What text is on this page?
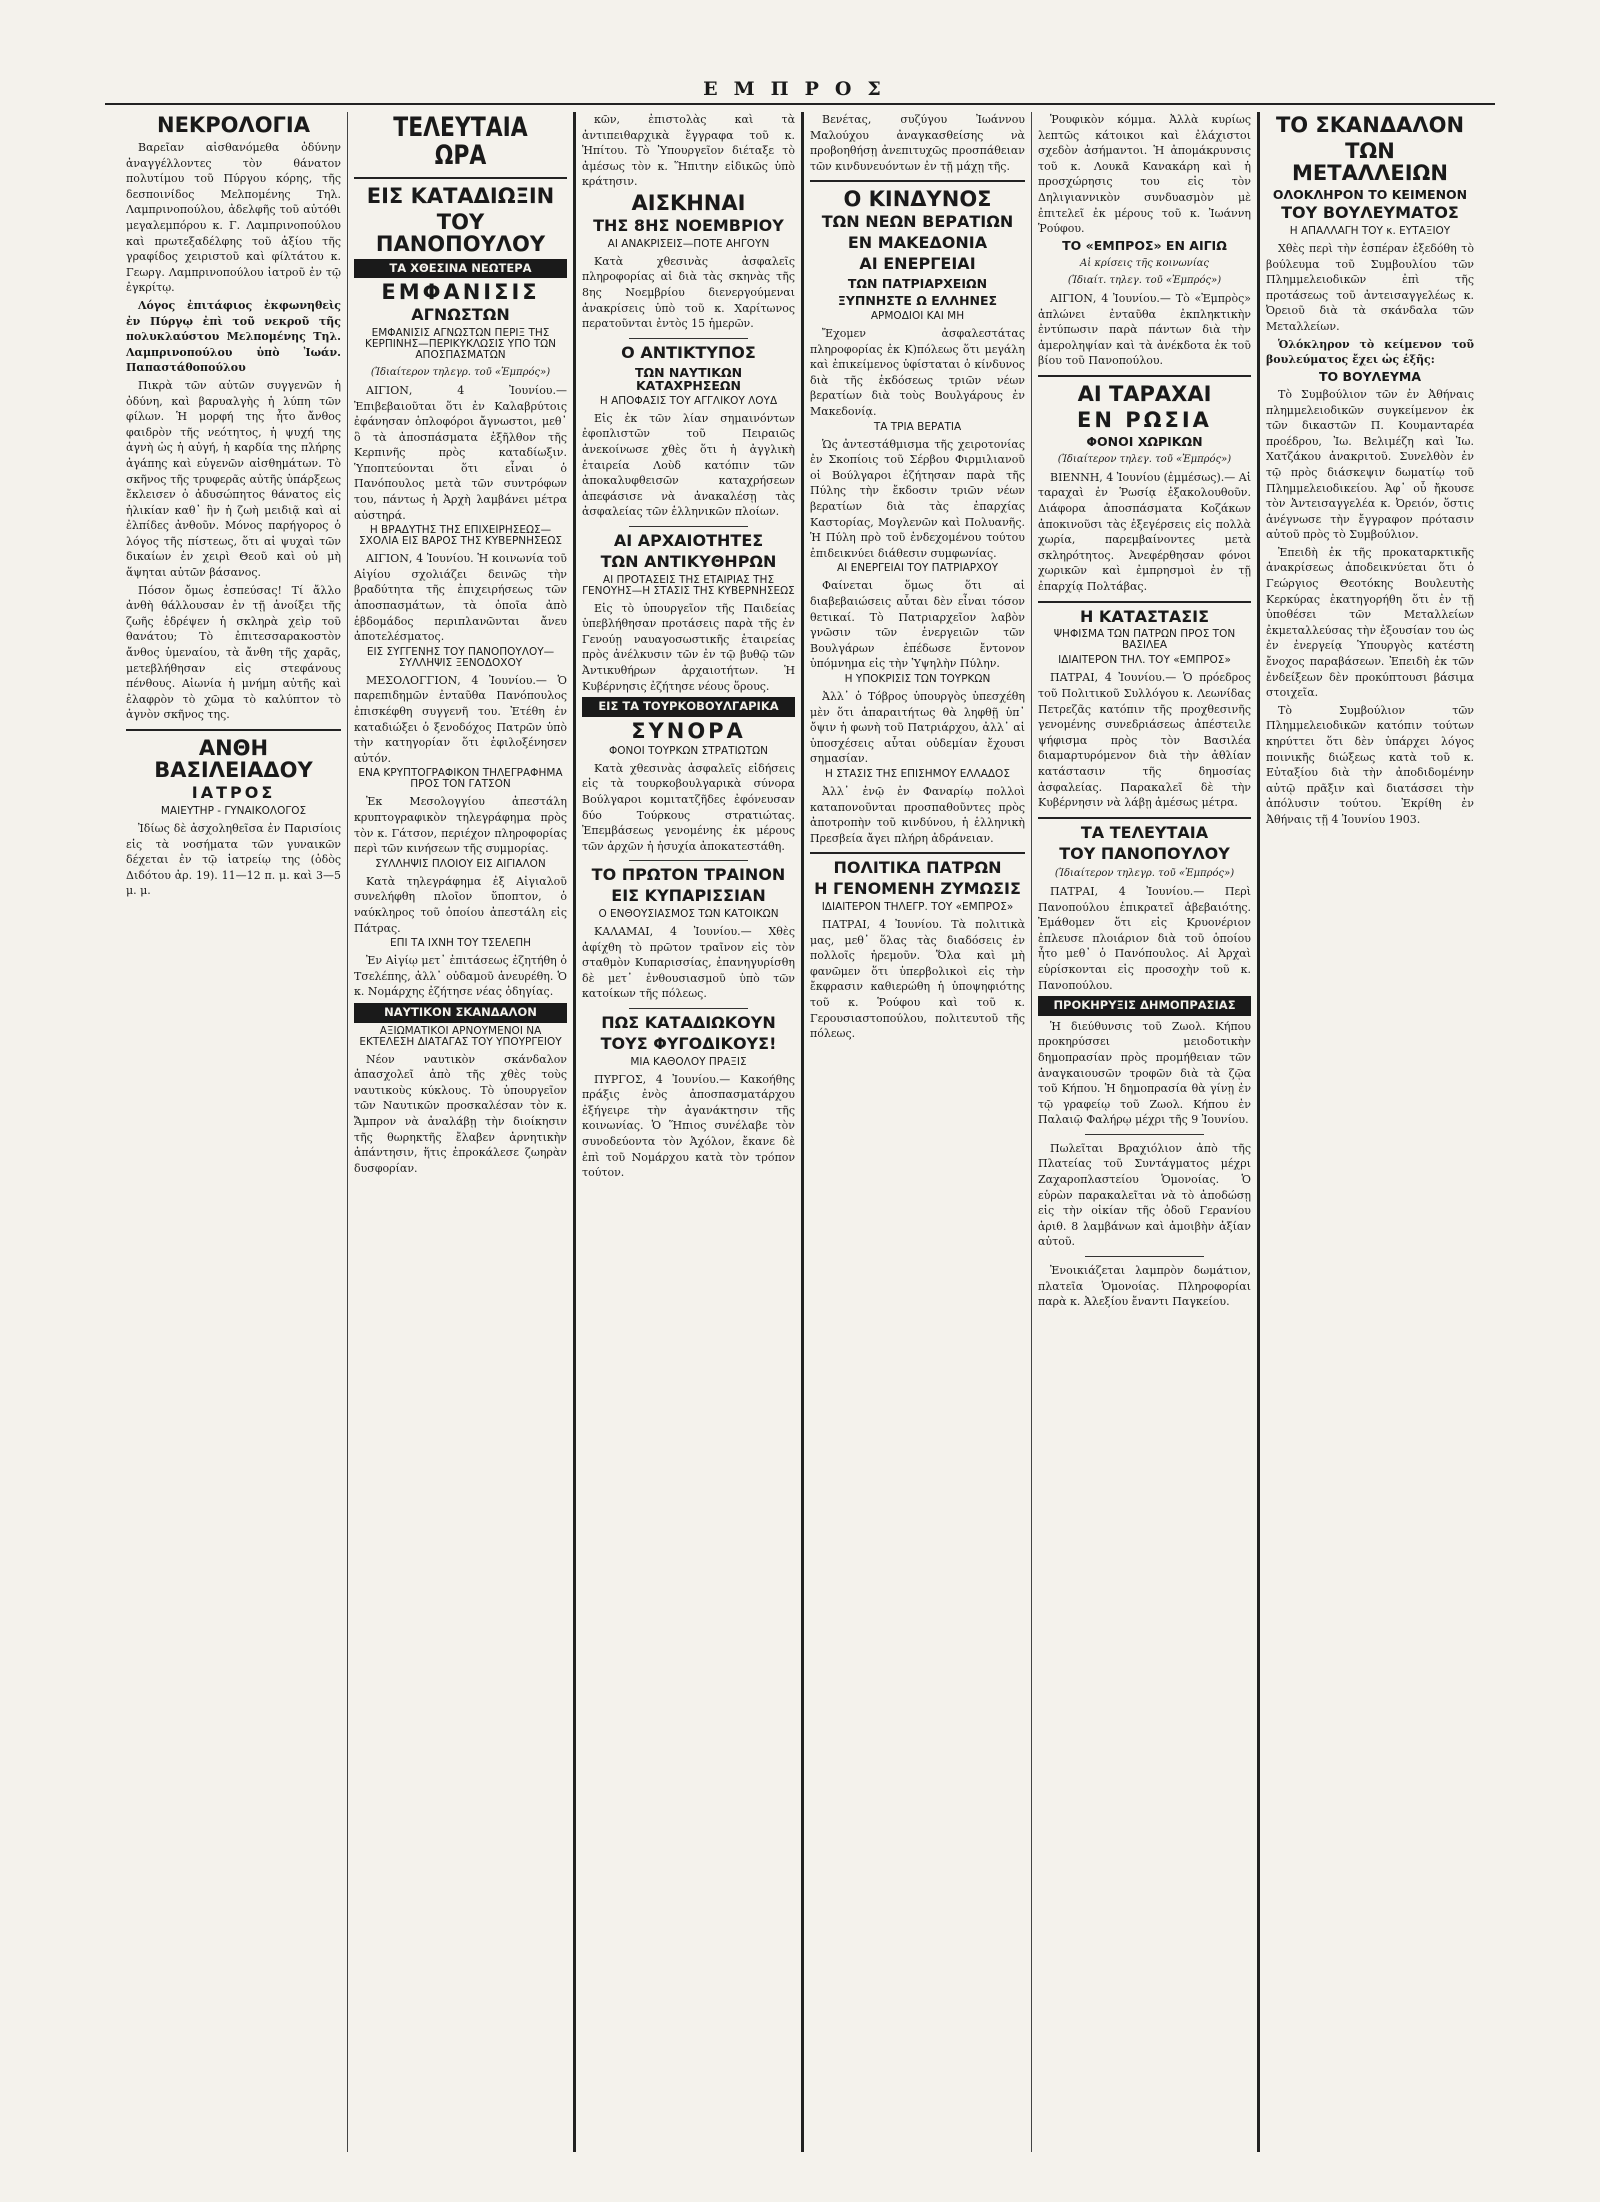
ΕΜΠΡΟΣ
ΝΕΚΡΟΛΟΓΙΑ

Βαρεῖαν αἰσθανόμεθα ὀδύνην ἀναγγέλλοντες τὸν θάνατον πολυτίμου τοῦ Πύργου κόρης, τῆς δεσποινίδος Μελπομένης Τηλ. Λαμπρινοπούλου, ἀδελφῆς τοῦ αὐτόθι μεγαλεμπόρου κ. Γ. Λαμπρινοπούλου καὶ πρωτεξαδέλφης τοῦ ἀξίου τῆς γραφίδος χειριστοῦ καὶ φίλτάτου κ. Γεωργ. Λαμπρινοπούλου ἰατροῦ ἐν τῷ ἐγκρίτῳ.

Λόγος ἐπιτάφιος ἐκφωνηθεὶς ἐν Πύργῳ ἐπὶ τοῦ νεκροῦ τῆς πολυκλαύστου Μελπομένης Τηλ. Λαμπρινοπούλου ὑπὸ Ἰωάν. Παπαστάθοπούλου

Πικρὰ τῶν αὐτῶν συγγενῶν ἡ ὀδύνη, καὶ βαρυαλγὴς ἡ λύπη τῶν φίλων. Ἡ μορφή της ἦτο ἄνθος φαιδρὸν τῆς νεότητος, ἡ ψυχή της ἁγνὴ ὡς ἡ αὐγή, ἡ καρδία της πλήρης ἀγάπης καὶ εὐγενῶν αἰσθημάτων. Τὸ σκῆνος τῆς τρυφερᾶς αὐτῆς ὑπάρξεως ἔκλεισεν ὁ ἀδυσώπητος θάνατος εἰς ἡλικίαν καθ᾽ ἣν ἡ ζωὴ μειδιᾷ καὶ αἱ ἐλπίδες ἀνθοῦν. Μόνος παρήγορος ὁ λόγος τῆς πίστεως, ὅτι αἱ ψυχαὶ τῶν δικαίων ἐν χειρὶ Θεοῦ καὶ οὐ μὴ ἅψηται αὐτῶν βάσανος.

Πόσον ὄμως ἐσπεύσας! Τί ἄλλο ἀνθὴ θάλλουσαν ἐν τῇ ἀνοίξει τῆς ζωῆς ἐδρέψεν ἡ σκληρὰ χεὶρ τοῦ θανάτου; Τὸ ἐπιτεσσαρακοστὸν ἄνθος ὑμεναίου, τὰ ἄνθη τῆς χαρᾶς, μετεβλήθησαν εἰς στεφάνους πένθους. Αἰωνία ἡ μνήμη αὐτῆς καὶ ἐλαφρὸν τὸ χῶμα τὸ καλύπτον τὸ ἀγνὸν σκῆνος της.

ΑΝΘΗ ΒΑΣΙΛΕΙΑΔΟΥ
ΙΑΤΡΟΣ
ΜΑΙΕΥΤΗΡ - ΓΥΝΑΙΚΟΛΟΓΟΣ

Ἰδίως δὲ ἀσχοληθεῖσα ἐν Παρισίοις εἰς τὰ νοσήματα τῶν γυναικῶν δέχεται ἐν τῷ ἰατρείῳ της (ὁδὸς Διδότου ἀρ. 19). 11—12 π. μ. καὶ 3—5 μ. μ.

ΤΕΛΕΥΤΑΙΑ ΩΡΑ
ΕΙΣ ΚΑΤΑΔΙΩΞΙΝ
ΤΟΥ ΠΑΝΟΠΟΥΛΟΥ
ΤΑ ΧΘΕΣΙΝΑ ΝΕΩΤΕΡΑ
ΕΜΦΑΝΙΣΙΣ
ΑΓΝΩΣΤΩΝ
ΕΜΦΑΝΙΣΙΣ ΑΓΝΩΣΤΩΝ ΠΕΡΙΞ ΤΗΣ ΚΕΡΠΙΝΗΣ—ΠΕΡΙΚΥΚΛΩΣΙΣ ΥΠΟ ΤΩΝ ΑΠΟΣΠΑΣΜΑΤΩΝ
(Ἰδιαίτερον τηλεγρ. τοῦ «Ἐμπρός»)

ΑΙΓΙΟΝ, 4 Ἰουνίου.— Ἐπιβεβαιοῦται ὅτι ἐν Καλαβρύτοις ἐφάνησαν ὁπλοφόροι ἄγνωστοι, μεθ᾽ ὃ τὰ ἀποσπάσματα ἐξῆλθον τῆς Κερπινῆς πρὸς καταδίωξιν. Ὑποπτεύονται ὅτι εἶναι ὁ Πανόπουλος μετὰ τῶν συντρόφων του, πάντως ἡ Ἀρχὴ λαμβάνει μέτρα αὐστηρά.

Η ΒΡΑΔΥΤΗΣ ΤΗΣ ΕΠΙΧΕΙΡΗΣΕΩΣ—ΣΧΟΛΙΑ ΕΙΣ ΒΑΡΟΣ ΤΗΣ ΚΥΒΕΡΝΗΣΕΩΣ

ΑΙΓΙΟΝ, 4 Ἰουνίου. Ἡ κοινωνία τοῦ Αἰγίου σχολιάζει δεινῶς τὴν βραδύτητα τῆς ἐπιχειρήσεως τῶν ἀποσπασμάτων, τὰ ὁποῖα ἀπὸ ἑβδομάδος περιπλανῶνται ἄνευ ἀποτελέσματος.

ΕΙΣ ΣΥΓΓΕΝΗΣ ΤΟΥ ΠΑΝΟΠΟΥΛΟΥ—ΣΥΛΛΗΨΙΣ ΞΕΝΟΔΟΧΟΥ

ΜΕΣΟΛΟΓΓΙΟΝ, 4 Ἰουνίου.— Ὁ παρεπιδημῶν ἐνταῦθα Πανόπουλος ἐπισκέφθη συγγενῆ του. Ἐτέθη ἐν καταδιώξει ὁ ξενοδόχος Πατρῶν ὑπὸ τὴν κατηγορίαν ὅτι ἐφιλοξένησεν αὐτόν.

ΕΝΑ ΚΡΥΠΤΟΓΡΑΦΙΚΟΝ ΤΗΛΕΓΡΑΦΗΜΑ ΠΡΟΣ ΤΟΝ ΓΑΤΣΟΝ

Ἐκ Μεσολογγίου ἀπεστάλη κρυπτογραφικὸν τηλεγράφημα πρὸς τὸν κ. Γάτσον, περιέχον πληροφορίας περὶ τῶν κινήσεων τῆς συμμορίας.

ΣΥΛΛΗΨΙΣ ΠΛΟΙΟΥ ΕΙΣ ΑΙΓΙΑΛΟΝ

Κατὰ τηλεγράφημα ἐξ Αἰγιαλοῦ συνελήφθη πλοῖον ὕποπτον, ὁ ναύκληρος τοῦ ὁποίου ἀπεστάλη εἰς Πάτρας.

ΕΠΙ ΤΑ ΙΧΝΗ ΤΟΥ ΤΣΕΛΕΠΗ

Ἐν Αἰγίῳ μετ᾽ ἐπιτάσεως ἐζητήθη ὁ Τσελέπης, ἀλλ᾽ οὐδαμοῦ ἀνευρέθη. Ὁ κ. Νομάρχης ἐζήτησε νέας ὁδηγίας.

ΝΑΥΤΙΚΟΝ ΣΚΑΝΔΑΛΟΝ
ΑΞΙΩΜΑΤΙΚΟΙ ΑΡΝΟΥΜΕΝΟΙ ΝΑ ΕΚΤΕΛΕΣΗ ΔΙΑΤΑΓΑΣ ΤΟΥ ΥΠΟΥΡΓΕΙΟΥ

Νέον ναυτικὸν σκάνδαλον ἀπασχολεῖ ἀπὸ τῆς χθὲς τοὺς ναυτικοὺς κύκλους. Τὸ ὑπουργεῖον τῶν Ναυτικῶν προσκαλέσαν τὸν κ. Ἄμπρον νὰ ἀναλάβῃ τὴν διοίκησιν τῆς θωρηκτῆς ἔλαβεν ἀρνητικὴν ἀπάντησιν, ἥτις ἐπροκάλεσε ζωηρὰν δυσφορίαν.

κῶν, ἐπιστολὰς καὶ τὰ ἀντιπειθαρχικὰ ἔγγραφα τοῦ κ. Ἡπίτου. Τὸ Ὑπουργεῖον διέταξε τὸ ἀμέσως τὸν κ. Ἥπιτην εἰδικῶς ὑπὸ κράτησιν.

ΑΙΣΚΗΝΑΙ
ΤΗΣ 8ΗΣ ΝΟΕΜΒΡΙΟΥ
ΑΙ ΑΝΑΚΡΙΣΕΙΣ—ΠΟΤΕ ΑΗΓΟΥΝ

Κατὰ χθεσινὰς ἀσφαλεῖς πληροφορίας αἱ διὰ τὰς σκηνὰς τῆς 8ης Νοεμβρίου διενεργούμεναι ἀνακρίσεις ὑπὸ τοῦ κ. Χαρίτωνος περατοῦνται ἐντὸς 15 ἡμερῶν.

Ο ΑΝΤΙΚΤΥΠΟΣ
ΤΩΝ ΝΑΥΤΙΚΩΝ ΚΑΤΑΧΡΗΣΕΩΝ
Η ΑΠΟΦΑΣΙΣ ΤΟΥ ΑΓΓΛΙΚΟΥ ΛΟΥΔ

Εἰς ἐκ τῶν λίαν σημαινόντων ἐφοπλιστῶν τοῦ Πειραιῶς ἀνεκοίνωσε χθὲς ὅτι ἡ ἀγγλικὴ ἑταιρεία Λοὺδ κατόπιν τῶν ἀποκαλυφθεισῶν καταχρήσεων ἀπεφάσισε νὰ ἀνακαλέσῃ τὰς ἀσφαλείας τῶν ἑλληνικῶν πλοίων.

ΑΙ ΑΡΧΑΙΟΤΗΤΕΣ
ΤΩΝ ΑΝΤΙΚΥΘΗΡΩΝ
ΑΙ ΠΡΟΤΑΣΕΙΣ ΤΗΣ ΕΤΑΙΡΙΑΣ ΤΗΣ ΓΕΝΟΥΗΣ—Η ΣΤΑΣΙΣ ΤΗΣ ΚΥΒΕΡΝΗΣΕΩΣ

Εἰς τὸ ὑπουργεῖον τῆς Παιδείας ὑπεβλήθησαν προτάσεις παρὰ τῆς ἐν Γενούῃ ναυαγοσωστικῆς ἑταιρείας πρὸς ἀνέλκυσιν τῶν ἐν τῷ βυθῷ τῶν Ἀντικυθήρων ἀρχαιοτήτων. Ἡ Κυβέρνησις ἐζήτησε νέους ὅρους.

ΕΙΣ ΤΑ ΤΟΥΡΚΟΒΟΥΛΓΑΡΙΚΑ
ΣΥΝΟΡΑ
ΦΟΝΟΙ ΤΟΥΡΚΩΝ ΣΤΡΑΤΙΩΤΩΝ

Κατὰ χθεσινὰς ἀσφαλεῖς εἰδήσεις εἰς τὰ τουρκοβουλγαρικὰ σύνορα Βούλγαροι κομιτατζῆδες ἐφόνευσαν δύο Τούρκους στρατιώτας. Ἐπεμβάσεως γενομένης ἐκ μέρους τῶν ἀρχῶν ἡ ἡσυχία ἀποκατεστάθη.

ΤΟ ΠΡΩΤΟΝ ΤΡΑΙΝΟΝ
ΕΙΣ ΚΥΠΑΡΙΣΣΙΑΝ
Ο ΕΝΘΟΥΣΙΑΣΜΟΣ ΤΩΝ ΚΑΤΟΙΚΩΝ

ΚΑΛΑΜΑΙ, 4 Ἰουνίου.— Χθὲς ἀφίχθη τὸ πρῶτον τραῖνον εἰς τὸν σταθμὸν Κυπαρισσίας, ἐπανηγυρίσθη δὲ μετ᾽ ἐνθουσιασμοῦ ὑπὸ τῶν κατοίκων τῆς πόλεως.

ΠΩΣ ΚΑΤΑΔΙΩΚΟΥΝ
ΤΟΥΣ ΦΥΓΟΔΙΚΟΥΣ!
ΜΙΑ ΚΑΘΟΛΟΥ ΠΡΑΞΙΣ

ΠΥΡΓΟΣ, 4 Ἰουνίου.— Κακοήθης πράξις ἐνὸς ἀποσπασματάρχου ἐξήγειρε τὴν ἀγανάκτησιν τῆς κοινωνίας. Ὁ Ἥπιος συνέλαβε τὸν συνοδεύοντα τὸν Ἀχόλον, ἔκανε δὲ ἐπὶ τοῦ Νομάρχου κατὰ τὸν τρόπον τούτον.

Βενέτας, συζύγου Ἰωάννου Μαλούχου ἀναγκασθείσης νὰ προβοηθήσῃ ἀνεπιτυχῶς προσπάθειαν τῶν κινδυνευόντων ἐν τῇ μάχῃ τῆς.

Ο ΚΙΝΔΥΝΟΣ
ΤΩΝ ΝΕΩΝ ΒΕΡΑΤΙΩΝ
ΕΝ ΜΑΚΕΔΟΝΙΑ
ΑΙ ΕΝΕΡΓΕΙΑΙ
ΤΩΝ ΠΑΤΡΙΑΡΧΕΙΩΝ
ΞΥΠΝΗΣΤΕ Ω ΕΛΛΗΝΕΣ
ΑΡΜΟΔΙΟΙ ΚΑΙ ΜΗ

Ἔχομεν ἀσφαλεστάτας πληροφορίας ἐκ Κ)πόλεως ὅτι μεγάλη καὶ ἐπικείμενος ὑφίσταται ὁ κίνδυνος διὰ τῆς ἐκδόσεως τριῶν νέων βερατίων διὰ τοὺς Βουλγάρους ἐν Μακεδονίᾳ.

ΤΑ ΤΡΙΑ ΒΕΡΑΤΙΑ

Ὡς ἀντεστάθμισμα τῆς χειροτονίας ἐν Σκοπίοις τοῦ Σέρβου Φιρμιλιανοῦ οἱ Βούλγαροι ἐζήτησαν παρὰ τῆς Πύλης τὴν ἔκδοσιν τριῶν νέων βερατίων διὰ τὰς ἐπαρχίας Καστορίας, Μογλενῶν καὶ Πολυανῆς. Ἡ Πύλη πρὸ τοῦ ἐνδεχομένου τούτου ἐπιδεικνύει διάθεσιν συμφωνίας.

ΑΙ ΕΝΕΡΓΕΙΑΙ ΤΟΥ ΠΑΤΡΙΑΡΧΟΥ

Φαίνεται ὅμως ὅτι αἱ διαβεβαιώσεις αὗται δὲν εἶναι τόσον θετικαί. Τὸ Πατριαρχεῖον λαβὸν γνῶσιν τῶν ἐνεργειῶν τῶν Βουλγάρων ἐπέδωσε ἔντονον ὑπόμνημα εἰς τὴν Ὑψηλὴν Πύλην.

Η ΥΠΟΚΡΙΣΙΣ ΤΩΝ ΤΟΥΡΚΩΝ

Ἀλλ᾽ ὁ Τόβρος ὑπουργὸς ὑπεσχέθη μὲν ὅτι ἀπαραιτήτως θὰ ληφθῇ ὑπ᾽ ὄψιν ἡ φωνὴ τοῦ Πατριάρχου, ἀλλ᾽ αἱ ὑποσχέσεις αὗται οὐδεμίαν ἔχουσι σημασίαν.

Η ΣΤΑΣΙΣ ΤΗΣ ΕΠΙΣΗΜΟΥ ΕΛΛΑΔΟΣ

Ἀλλ᾽ ἐνῷ ἐν Φαναρίῳ πολλοὶ καταπονοῦνται προσπαθοῦντες πρὸς ἀποτροπὴν τοῦ κινδύνου, ἡ ἑλληνικὴ Πρεσβεία ἄγει πλήρη ἀδράνειαν.

ΠΟΛΙΤΙΚΑ ΠΑΤΡΩΝ
Η ΓΕΝΟΜΕΝΗ ΖΥΜΩΣΙΣ
ΙΔΙΑΙΤΕΡΟΝ ΤΗΛΕΓΡ. ΤΟΥ «ΕΜΠΡΟΣ»

ΠΑΤΡΑΙ, 4 Ἰουνίου. Τὰ πολιτικὰ μας, μεθ᾽ ὅλας τὰς διαδόσεις ἐν πολλοῖς ἠρεμοῦν. Ὅλα καὶ μὴ φανῶμεν ὅτι ὑπερβολικοὶ εἰς τὴν ἔκφρασιν καθιερώθη ἡ ὑποψηφιότης τοῦ κ. Ῥούφου καὶ τοῦ κ. Γερουσιαστοπούλου, πολιτευτοῦ τῆς πόλεως.

Ῥουφικὸν κόμμα. Ἀλλὰ κυρίως λεπτῶς κάτοικοι καὶ ἐλάχιστοι σχεδὸν ἀσήμαντοι. Ἡ ἀπομάκρυνσις τοῦ κ. Λουκᾶ Κανακάρη καὶ ἡ προσχώρησις του εἰς τὸν Δηλιγιαννικὸν συνδυασμὸν μὲ ἐπιτελεῖ ἐκ μέρους τοῦ κ. Ἰωάννη Ῥούφου.

ΤΟ «ΕΜΠΡΟΣ» ΕΝ ΑΙΓΙΩ
Αἱ κρίσεις τῆς κοινωνίας
(Ἰδιαίτ. τηλεγ. τοῦ «Ἐμπρός»)

ΑΙΓΙΟΝ, 4 Ἰουνίου.— Τὸ «Ἐμπρὸς» ἀπλώνει ἐνταῦθα ἐκπληκτικὴν ἐντύπωσιν παρὰ πάντων διὰ τὴν ἀμεροληψίαν καὶ τὰ ἀνέκδοτα ἐκ τοῦ βίου τοῦ Πανοπούλου.

ΑΙ ΤΑΡΑΧΑΙ
ΕΝ ΡΩΣΙΑ
ΦΟΝΟΙ ΧΩΡΙΚΩΝ
(Ἰδιαίτερον τηλεγ. τοῦ «Ἐμπρός»)

ΒΙΕΝΝΗ, 4 Ἰουνίου (ἐμμέσως).— Αἱ ταραχαὶ ἐν Ῥωσίᾳ ἐξακολουθοῦν. Διάφορα ἀποσπάσματα Κοζάκων ἀποκινοῦσι τὰς ἐξεγέρσεις εἰς πολλὰ χωρία, παρεμβαίνοντες μετὰ σκληρότητος. Ἀνεφέρθησαν φόνοι χωρικῶν καὶ ἐμπρησμοὶ ἐν τῇ ἐπαρχίᾳ Πολτάβας.

Η ΚΑΤΑΣΤΑΣΙΣ
ΨΗΦΙΣΜΑ ΤΩΝ ΠΑΤΡΩΝ ΠΡΟΣ ΤΟΝ ΒΑΣΙΛΕΑ
ΙΔΙΑΙΤΕΡΟΝ ΤΗΛ. ΤΟΥ «ΕΜΠΡΟΣ»

ΠΑΤΡΑΙ, 4 Ἰουνίου.— Ὁ πρόεδρος τοῦ Πολιτικοῦ Συλλόγου κ. Λεωνίδας Πετρεζᾶς κατόπιν τῆς προχθεσινῆς γενομένης συνεδριάσεως ἀπέστειλε ψήφισμα πρὸς τὸν Βασιλέα διαμαρτυρόμενον διὰ τὴν ἀθλίαν κατάστασιν τῆς δημοσίας ἀσφαλείας. Παρακαλεῖ δὲ τὴν Κυβέρνησιν νὰ λάβῃ ἀμέσως μέτρα.

ΤΑ ΤΕΛΕΥΤΑΙΑ
ΤΟΥ ΠΑΝΟΠΟΥΛΟΥ
(Ἰδιαίτερον τηλεγρ. τοῦ «Ἐμπρός»)

ΠΑΤΡΑΙ, 4 Ἰουνίου.— Περὶ Πανοπούλου ἐπικρατεῖ ἀβεβαιότης. Ἐμάθομεν ὅτι εἰς Κρυονέριον ἐπλευσε πλοιάριον διὰ τοῦ ὁποίου ἦτο μεθ᾽ ὁ Πανόπουλος. Αἱ Ἀρχαὶ εὑρίσκονται εἰς προσοχὴν τοῦ κ. Πανοπούλου.

ΠΡΟΚΗΡΥΞΙΣ ΔΗΜΟΠΡΑΣΙΑΣ

Ἡ διεύθυνσις τοῦ Ζωολ. Κήπου προκηρύσσει μειοδοτικὴν δημοπρασίαν πρὸς προμήθειαν τῶν ἀναγκαιουσῶν τροφῶν διὰ τὰ ζῷα τοῦ Κήπου. Ἡ δημοπρασία θὰ γίνῃ ἐν τῷ γραφείῳ τοῦ Ζωολ. Κήπου ἐν Παλαιῷ Φαλήρῳ μέχρι τῆς 9 Ἰουνίου.

Πωλεῖται Βραχιόλιον ἀπὸ τῆς Πλατείας τοῦ Συντάγματος μέχρι Ζαχαροπλαστείου Ὁμονοίας. Ὁ εὑρὼν παρακαλεῖται νὰ τὸ ἀποδώσῃ εἰς τὴν οἰκίαν τῆς ὁδοῦ Γερανίου ἀριθ. 8 λαμβάνων καὶ ἀμοιβὴν ἀξίαν αὐτοῦ.

Ἐνοικιάζεται λαμπρὸν δωμάτιον, πλατεῖα Ὁμονοίας. Πληροφορίαι παρὰ κ. Ἀλεξίου ἔναντι Παγκείου.

ΤΟ ΣΚΑΝΔΑΛΟΝ
ΤΩΝ ΜΕΤΑΛΛΕΙΩΝ
ΟΛΟΚΛΗΡΟΝ ΤΟ ΚΕΙΜΕΝΟΝ
ΤΟΥ ΒΟΥΛΕΥΜΑΤΟΣ
Η ΑΠΑΛΛΑΓΗ ΤΟΥ κ. ΕΥΤΑΞΙΟΥ

Χθὲς περὶ τὴν ἑσπέραν ἐξεδόθη τὸ βούλευμα τοῦ Συμβουλίου τῶν Πλημμελειοδικῶν ἐπὶ τῆς προτάσεως τοῦ ἀντεισαγγελέως κ. Ὀρειοῦ διὰ τὰ σκάνδαλα τῶν Μεταλλείων.

Ὁλόκληρον τὸ κείμενον τοῦ βουλεύματος ἔχει ὡς ἑξῆς:

ΤΟ ΒΟΥΛΕΥΜΑ

Τὸ Συμβούλιον τῶν ἐν Ἀθήναις πλημμελειοδικῶν συγκείμενον ἐκ τῶν δικαστῶν Π. Κουμανταρέα προέδρου, Ἰω. Βελιμέζη καὶ Ἰω. Χατζάκου ἀνακριτοῦ. Συνελθὸν ἐν τῷ πρὸς διάσκεψιν δωματίῳ τοῦ Πλημμελειοδικείου. Ἀφ᾽ οὗ ἤκουσε τὸν Ἀντεισαγγελέα κ. Ὀρειόν, ὅστις ἀνέγνωσε τὴν ἔγγραφον πρότασιν αὐτοῦ πρὸς τὸ Συμβούλιον.

Ἐπειδὴ ἐκ τῆς προκαταρκτικῆς ἀνακρίσεως ἀποδεικνύεται ὅτι ὁ Γεώργιος Θεοτόκης Βουλευτὴς Κερκύρας ἐκατηγορήθη ὅτι ἐν τῇ ὑποθέσει τῶν Μεταλλείων ἐκμεταλλεύσας τὴν ἐξουσίαν του ὡς ἐν ἐνεργείᾳ Ὑπουργὸς κατέστη ἔνοχος παραβάσεων. Ἐπειδὴ ἐκ τῶν ἐνδείξεων δὲν προκύπτουσι βάσιμα στοιχεῖα.

Τὸ Συμβούλιον τῶν Πλημμελειοδικῶν κατόπιν τούτων κηρύττει ὅτι δὲν ὑπάρχει λόγος ποινικῆς διώξεως κατὰ τοῦ κ. Εὐταξίου διὰ τὴν ἀποδιδομένην αὐτῷ πρᾶξιν καὶ διατάσσει τὴν ἀπόλυσιν τούτου. Ἐκρίθη ἐν Ἀθήναις τῇ 4 Ἰουνίου 1903.
